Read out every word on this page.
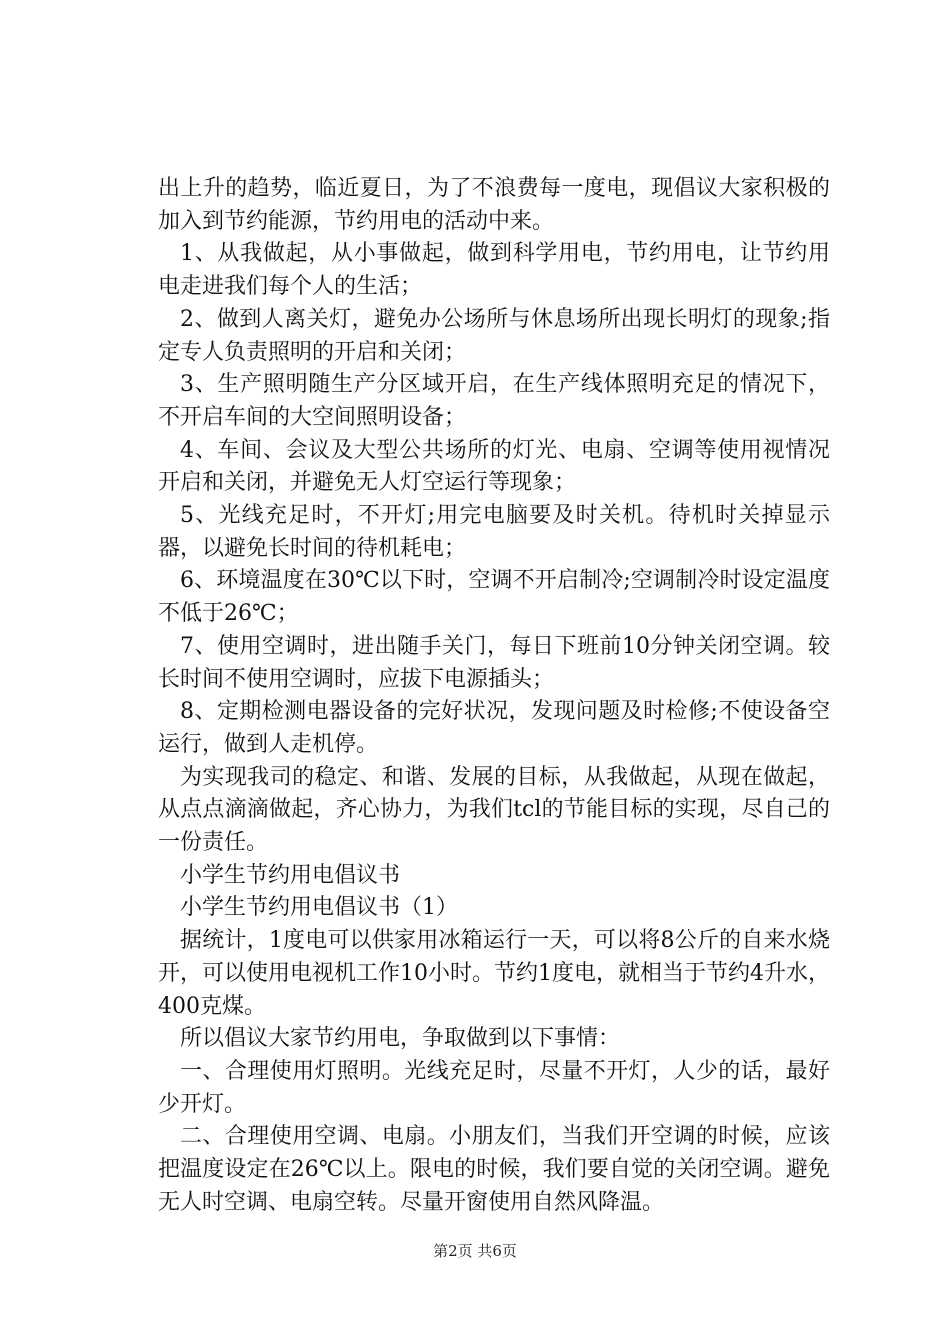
出上升的趋势，临近夏日，为了不浪费每一度电，现倡议大家积极的加入到节约能源，节约用电的活动中来。

1、从我做起，从小事做起，做到科学用电，节约用电，让节约用电走进我们每个人的生活；

2、做到人离关灯，避免办公场所与休息场所出现长明灯的现象;指定专人负责照明的开启和关闭；

3、生产照明随生产分区域开启，在生产线体照明充足的情况下，不开启车间的大空间照明设备；

4、车间、会议及大型公共场所的灯光、电扇、空调等使用视情况开启和关闭，并避免无人灯空运行等现象；

5、光线充足时，不开灯;用完电脑要及时关机。待机时关掉显示器，以避免长时间的待机耗电；

6、环境温度在30℃以下时，空调不开启制冷;空调制冷时设定温度不低于26℃；

7、使用空调时，进出随手关门，每日下班前10分钟关闭空调。较长时间不使用空调时，应拔下电源插头；

8、定期检测电器设备的完好状况，发现问题及时检修;不使设备空运行，做到人走机停。

为实现我司的稳定、和谐、发展的目标，从我做起，从现在做起，从点点滴滴做起，齐心协力，为我们tcl的节能目标的实现，尽自己的一份责任。

小学生节约用电倡议书

小学生节约用电倡议书（1）

据统计，1度电可以供家用冰箱运行一天，可以将8公斤的自来水烧开，可以使用电视机工作10小时。节约1度电，就相当于节约4升水，400克煤。

所以倡议大家节约用电，争取做到以下事情：

一、合理使用灯照明。光线充足时，尽量不开灯，人少的话，最好少开灯。

二、合理使用空调、电扇。小朋友们，当我们开空调的时候，应该把温度设定在26℃以上。限电的时候，我们要自觉的关闭空调。避免无人时空调、电扇空转。尽量开窗使用自然风降温。

第2页 共6页
